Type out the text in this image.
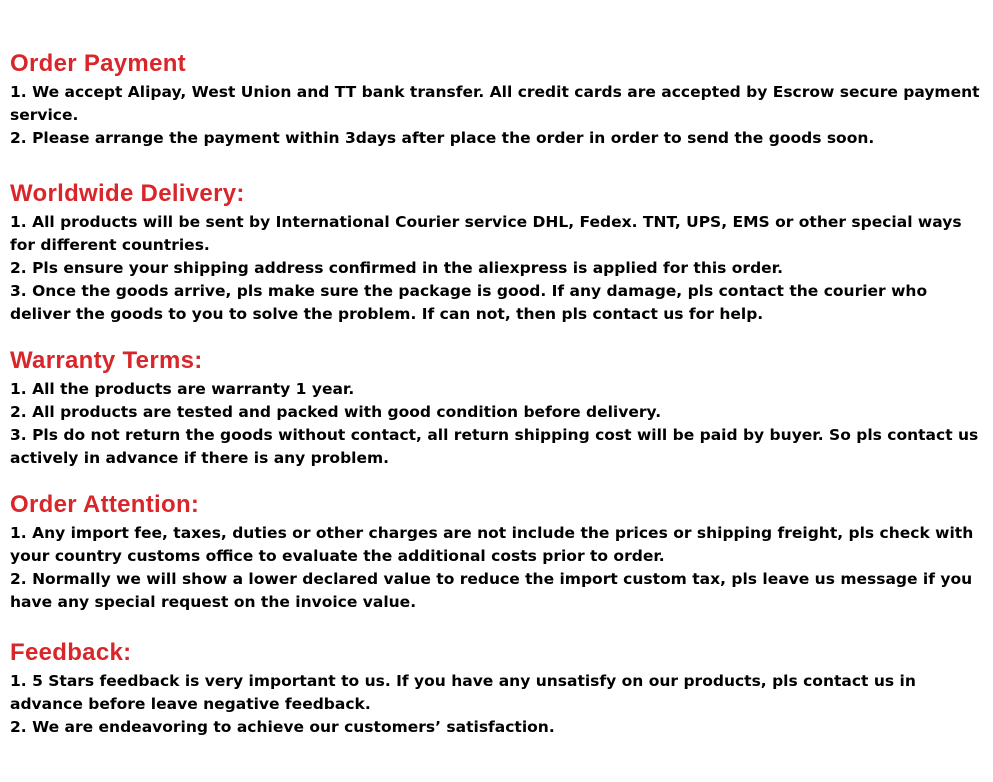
Order Payment
1. We accept Alipay, West Union and TT bank transfer. All credit cards are accepted by Escrow secure payment service.
2. Please arrange the payment within 3days after place the order in order to send the goods soon.
Worldwide Delivery:
1. All products will be sent by International Courier service DHL, Fedex. TNT, UPS, EMS or other special ways for different countries.
2. Pls ensure your shipping address confirmed in the aliexpress is applied for this order.
3. Once the goods arrive, pls make sure the package is good. If any damage, pls contact the courier who deliver the goods to you to solve the problem. If can not, then pls contact us for help.
Warranty Terms:
1. All the products are warranty 1 year.
2. All products are tested and packed with good condition before delivery.
3. Pls do not return the goods without contact, all return shipping cost will be paid by buyer. So pls contact us actively in advance if there is any problem.
Order Attention:
1. Any import fee, taxes, duties or other charges are not include the prices or shipping freight, pls check with your country customs office to evaluate the additional costs prior to order.
2. Normally we will show a lower declared value to reduce the import custom tax, pls leave us message if you have any special request on the invoice value.
Feedback:
1. 5 Stars feedback is very important to us. If you have any unsatisfy on our products, pls contact us in advance before leave negative feedback.
2. We are endeavoring to achieve our customers’ satisfaction.
